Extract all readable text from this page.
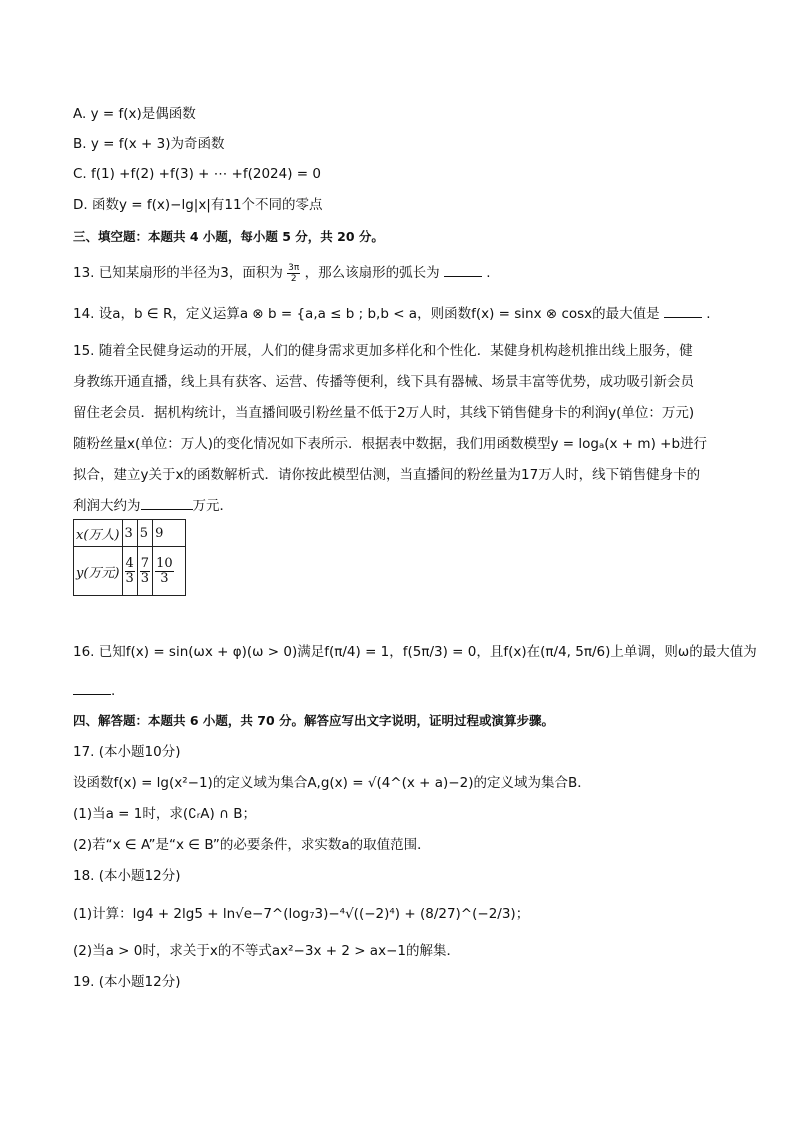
A. y = f(x)是偶函数
B. y = f(x + 3)为奇函数
C. f(1) +f(2) +f(3) + ⋯ +f(2024) = 0
D. 函数y = f(x)−lg|x|有11个不同的零点
三、填空题：本题共 4 小题，每小题 5 分，共 20 分。
13. 已知某扇形的半径为3，面积为 $\frac{3\pi}{2}$ ，那么该扇形的弧长为	.
14. 设a，b ∈ R，定义运算a ⊗ b = {a,a ≤ b ; b,b < a，则函数f(x) = sinx ⊗ cosx的最大值是	.
15. 随着全民健身运动的开展，人们的健身需求更加多样化和个性化．某健身机构趁机推出线上服务，健
身教练开通直播，线上具有获客、运营、传播等便利，线下具有器械、场景丰富等优势，成功吸引新会员
留住老会员．据机构统计，当直播间吸引粉丝量不低于2万人时，其线下销售健身卡的利润y(单位：万元)
随粉丝量x(单位：万人)的变化情况如下表所示．根据表中数据，我们用函数模型y = logₐ(x + m) +b进行
拟合，建立y关于x的函数解析式．请你按此模型估测，当直播间的粉丝量为17万人时，线下销售健身卡的
利润大约为	万元．
x(万人)	3	5	9
y(万元)	$\frac{4}{3}$	$\frac{7}{3}$	$\frac{10}{3}$
16. 已知f(x) = sin(ωx + φ)(ω > 0)满足f(π/4) = 1，f(5π/3) = 0，且f(x)在(π/4, 5π/6)上单调，则ω的最大值为
.
四、解答题：本题共 6 小题，共 70 分。解答应写出文字说明，证明过程或演算步骤。
17. (本小题10分)
设函数f(x) = lg(x²−1)的定义域为集合A,g(x) = √(4^(x + a)−2)的定义域为集合B．
(1)当a = 1时，求(∁ᵣA) ∩ B；
(2)若“x ∈ A”是“x ∈ B”的必要条件，求实数a的取值范围．
18. (本小题12分)
(1)计算：lg4 + 2lg5 + ln√e−7^(log₇3)−⁴√((−2)⁴) + (8/27)^(−2/3)；
(2)当a > 0时，求关于x的不等式ax²−3x + 2 > ax−1的解集．
19. (本小题12分)
